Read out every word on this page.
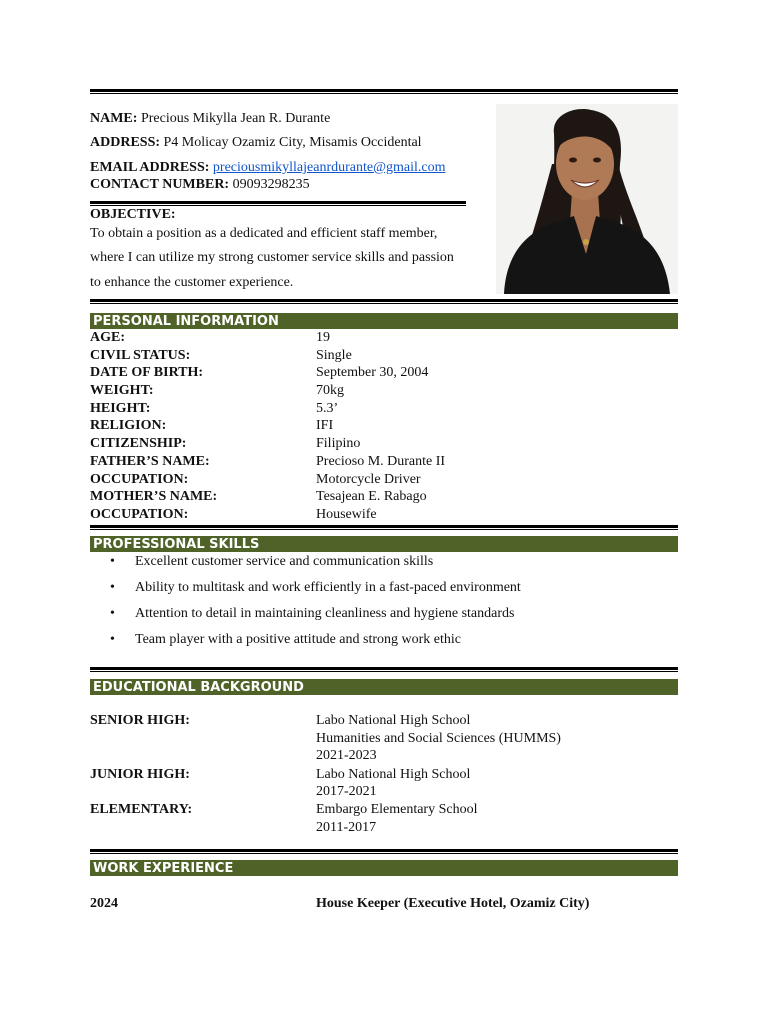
NAME: Precious Mikylla Jean R. Durante
ADDRESS: P4 Molicay Ozamiz City, Misamis Occidental
EMAIL ADDRESS: preciousmikyllajeanrdurante@gmail.com
CONTACT NUMBER: 09093298235
OBJECTIVE:
To obtain a position as a dedicated and efficient staff member,
where I can utilize my strong customer service skills and passion
to enhance the customer experience.
PERSONAL INFORMATION
AGE:	19
CIVIL STATUS:	Single
DATE OF BIRTH:	September 30, 2004
WEIGHT:	70kg
HEIGHT:	5.3’
RELIGION:	IFI
CITIZENSHIP:	Filipino
FATHER’S NAME:	Precioso M. Durante II
OCCUPATION:	Motorcycle Driver
MOTHER’S NAME:	Tesajean E. Rabago
OCCUPATION:	Housewife
PROFESSIONAL SKILLS
• Excellent customer service and communication skills
• Ability to multitask and work efficiently in a fast-paced environment
• Attention to detail in maintaining cleanliness and hygiene standards
• Team player with a positive attitude and strong work ethic
EDUCATIONAL BACKGROUND
SENIOR HIGH:	Labo National High School
Humanities and Social Sciences (HUMMS)
2021-2023
JUNIOR HIGH:	Labo National High School
2017-2021
ELEMENTARY:	Embargo Elementary School
2011-2017
WORK EXPERIENCE
2024	House Keeper (Executive Hotel, Ozamiz City)
